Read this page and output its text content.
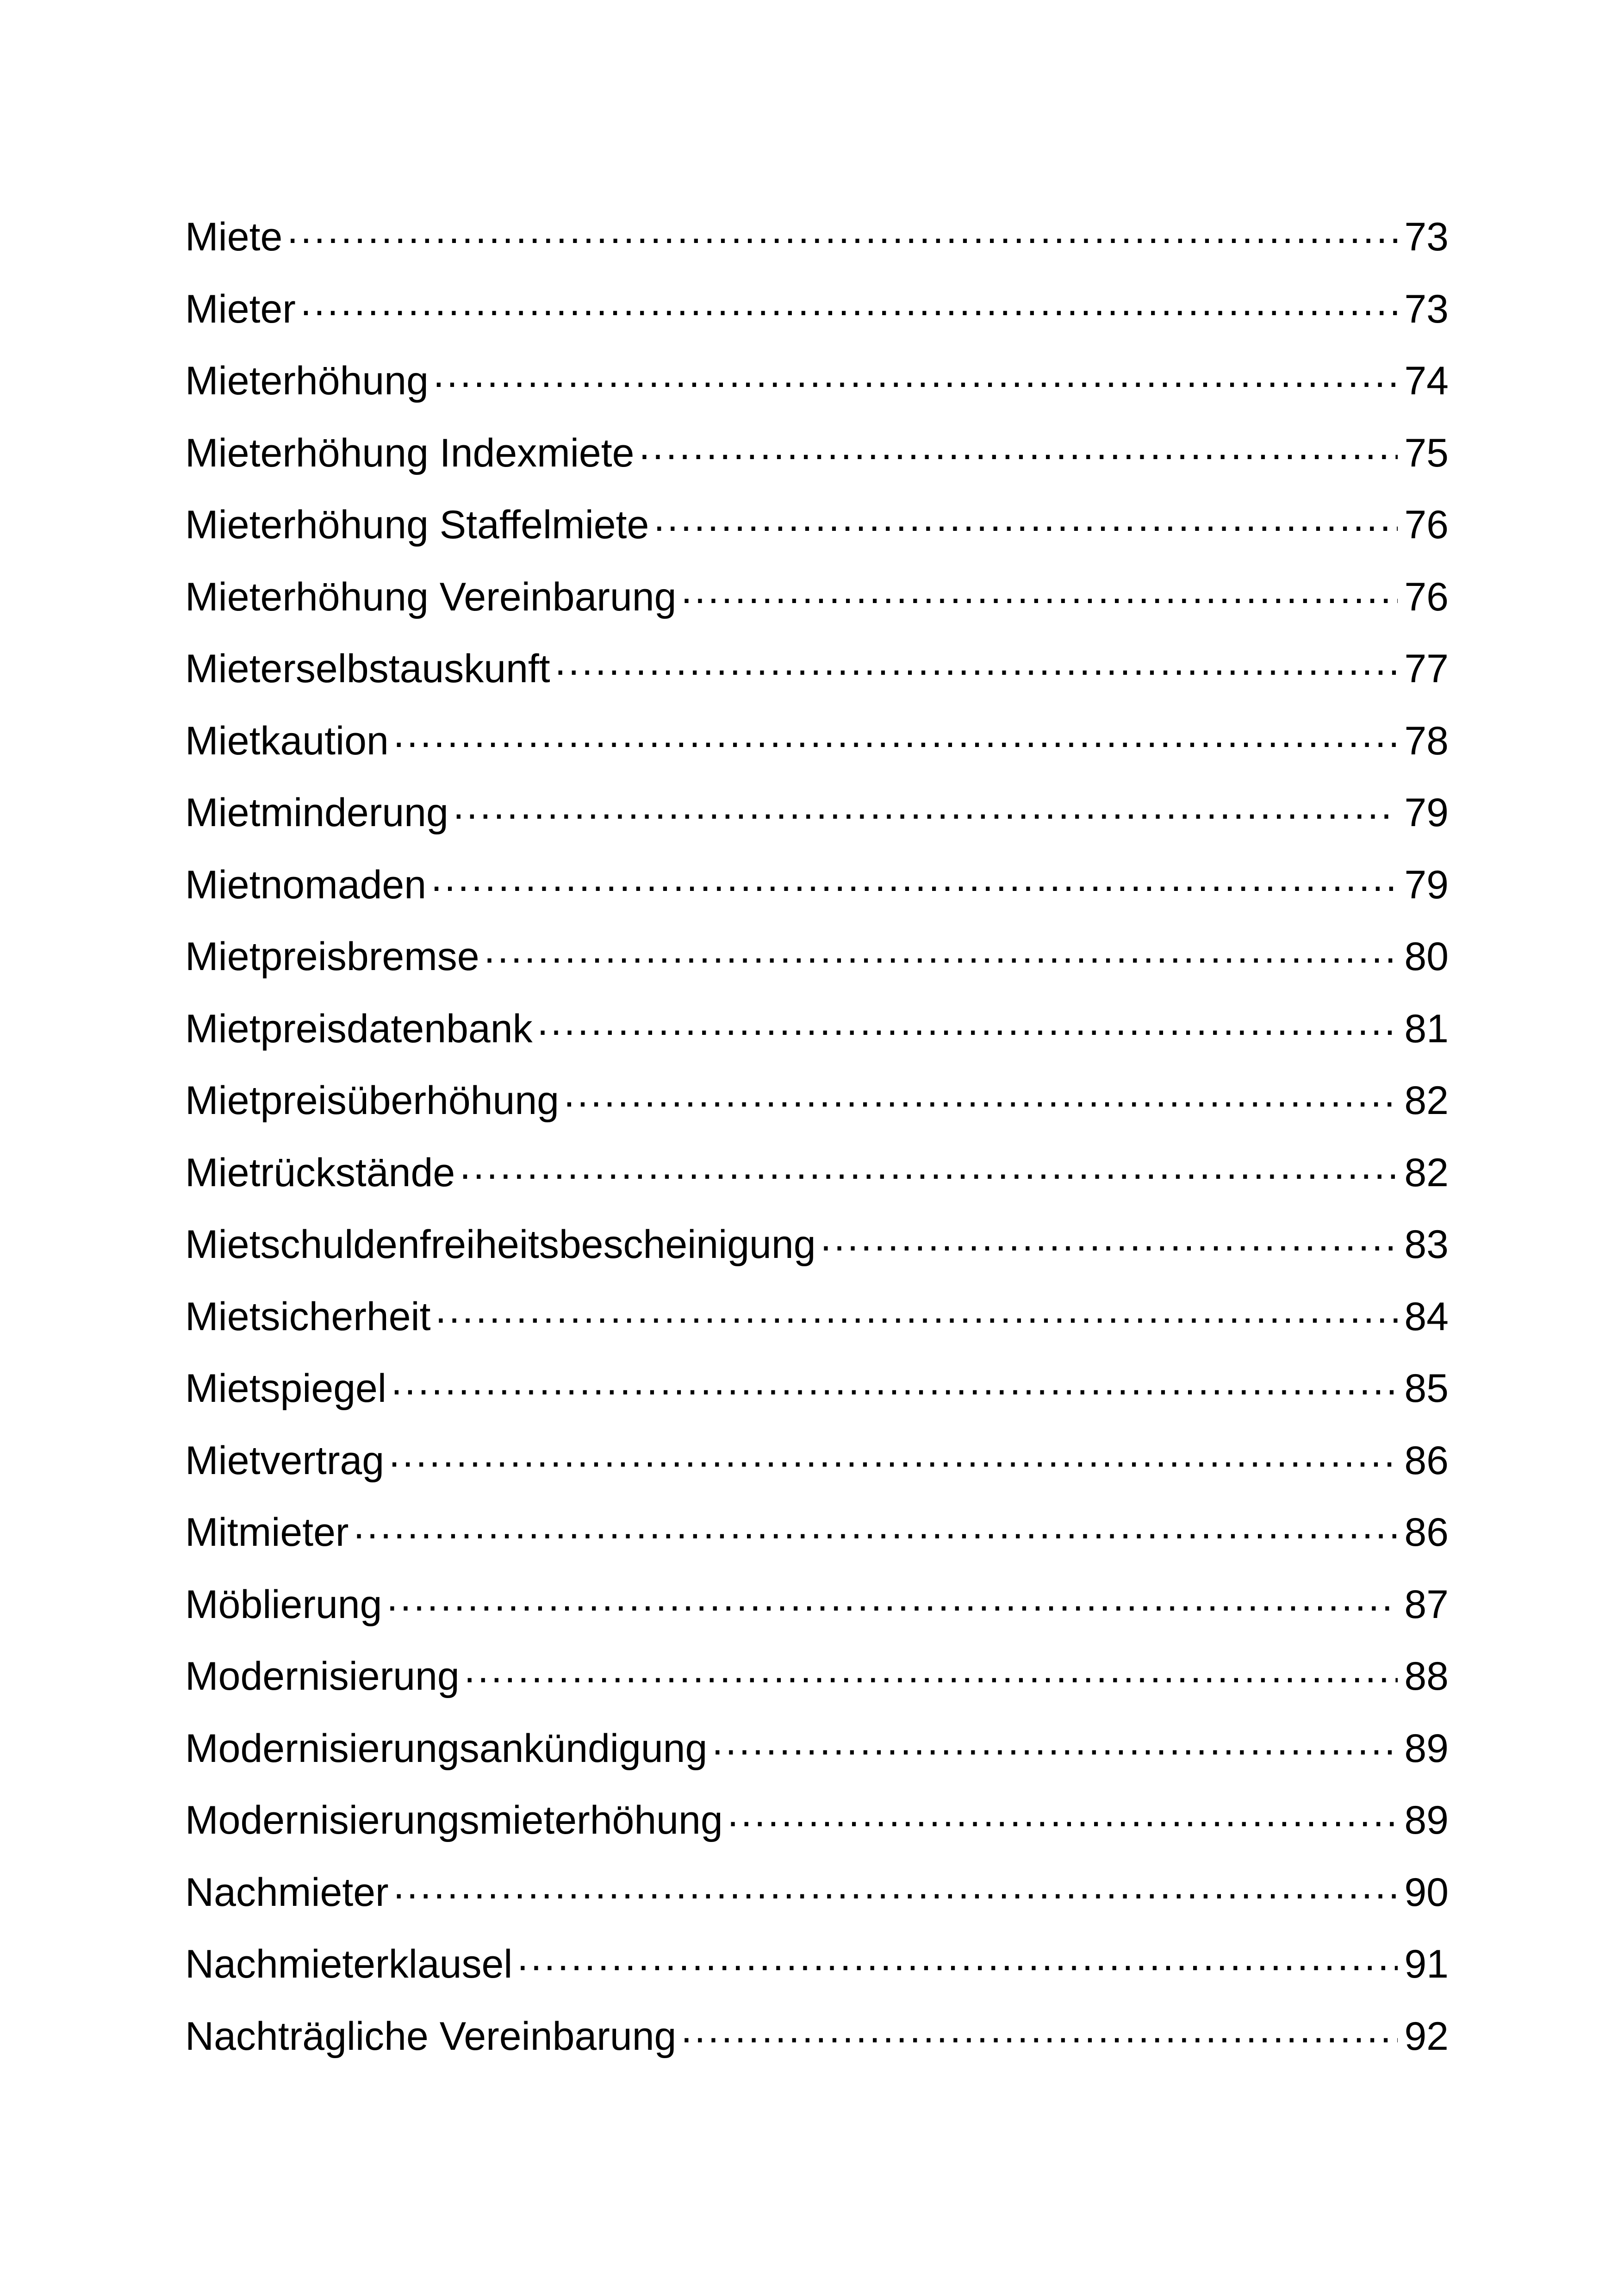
Miete .....	73
Mieter .....	73
Mieterhöhung .....	74
Mieterhöhung Indexmiete .....	75
Mieterhöhung Staffelmiete .....	76
Mieterhöhung Vereinbarung .....	76
Mieterselbstauskunft .....	77
Mietkaution .....	78
Mietminderung .....	79
Mietnomaden .....	79
Mietpreisbremse .....	80
Mietpreisdatenbank .....	81
Mietpreisüberhöhung .....	82
Mietrückstände .....	82
Mietschuldenfreiheitsbescheinigung .....	83
Mietsicherheit .....	84
Mietspiegel .....	85
Mietvertrag .....	86
Mitmieter .....	86
Möblierung .....	87
Modernisierung .....	88
Modernisierungsankündigung .....	89
Modernisierungsmieterhöhung .....	89
Nachmieter .....	90
Nachmieterklausel .....	91
Nachträgliche Vereinbarung .....	92
